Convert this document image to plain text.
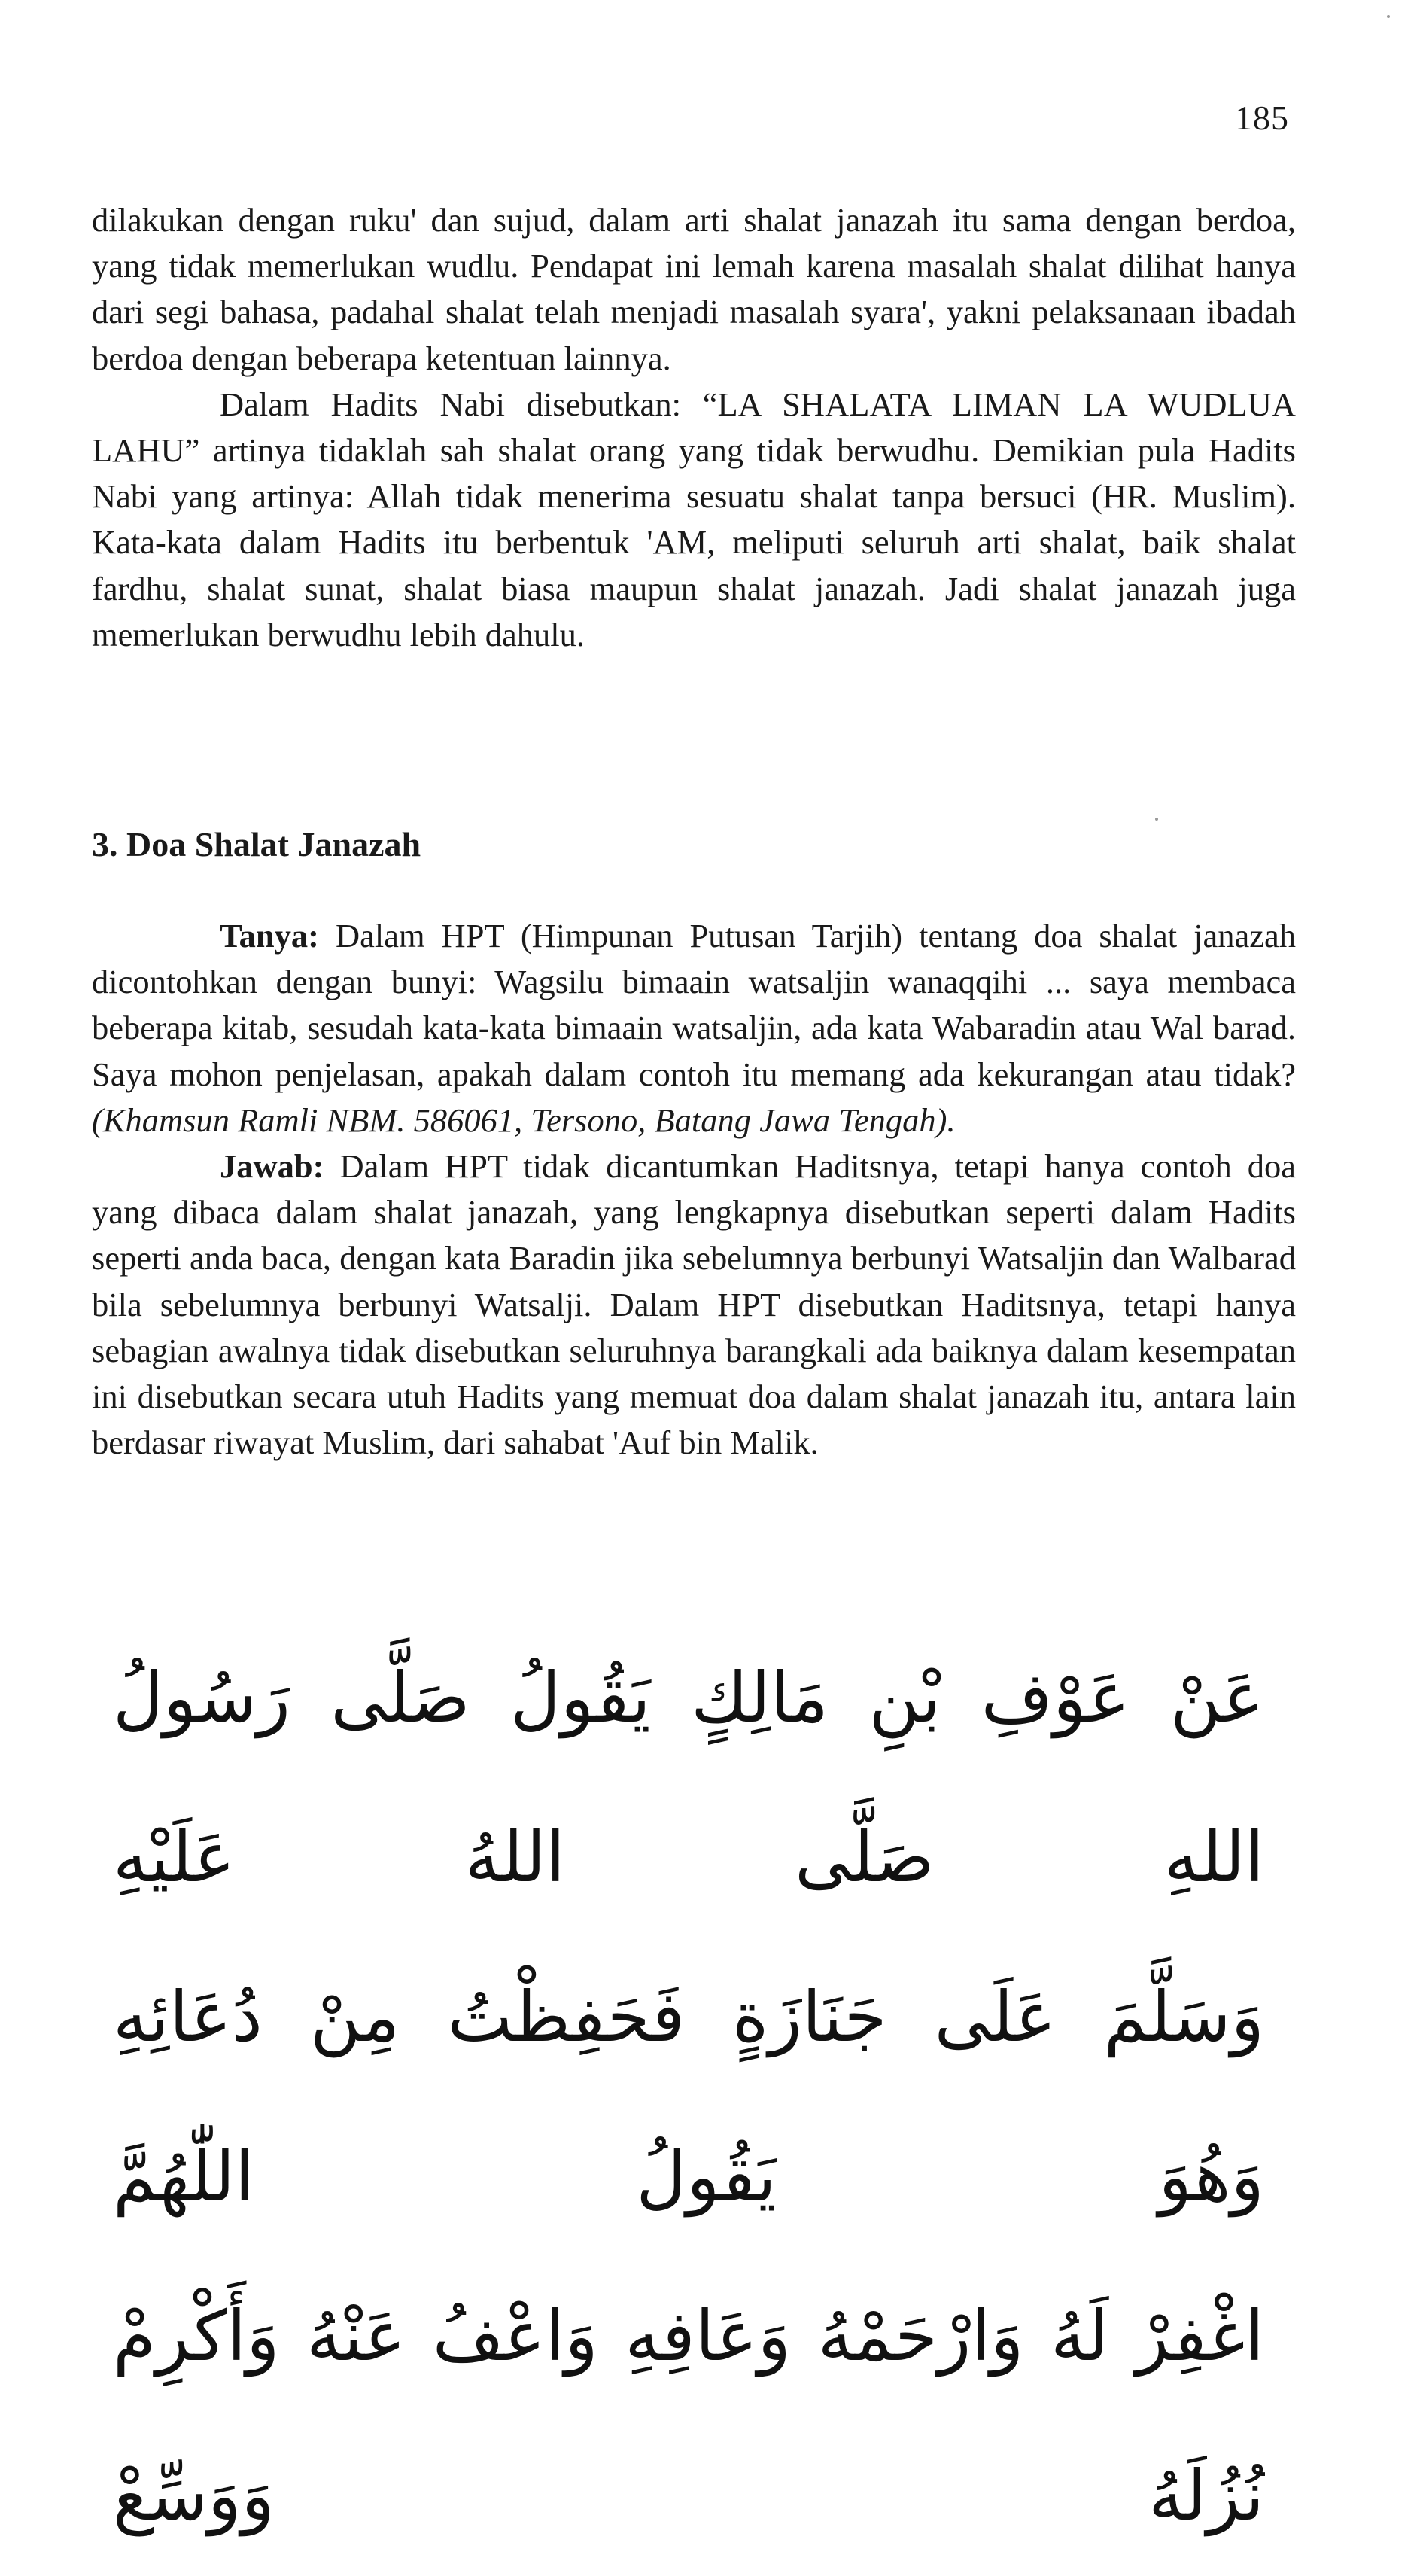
185

dilakukan dengan ruku' dan sujud, dalam arti shalat janazah itu sama dengan berdoa, yang tidak memerlukan wudlu. Pendapat ini lemah karena masalah shalat dilihat hanya dari segi bahasa, padahal shalat telah menjadi masalah syara', yakni pelaksanaan ibadah berdoa dengan beberapa ketentuan lainnya.

Dalam Hadits Nabi disebutkan: “LA SHALATA LIMAN LA WUDLUA LAHU” artinya tidaklah sah shalat orang yang tidak berwudhu. Demikian pula Hadits Nabi yang artinya: Allah tidak menerima sesuatu shalat tanpa bersuci (HR. Muslim). Kata-kata dalam Hadits itu berbentuk 'AM, meliputi seluruh arti shalat, baik shalat fardhu, shalat sunat, shalat biasa maupun shalat janazah. Jadi shalat janazah juga memerlukan berwudhu lebih dahulu.

3. Doa Shalat Janazah

Tanya: Dalam HPT (Himpunan Putusan Tarjih) tentang doa shalat janazah dicontohkan dengan bunyi: Wagsilu bimaain watsaljin wanaqqihi ... saya membaca beberapa kitab, sesudah kata-kata bimaain watsaljin, ada kata Wabaradin atau Wal barad. Saya mohon penjelasan, apakah dalam contoh itu memang ada kekurangan atau tidak? (Khamsun Ramli NBM. 586061, Tersono, Batang Jawa Tengah).

Jawab: Dalam HPT tidak dicantumkan Haditsnya, tetapi hanya contoh doa yang dibaca dalam shalat janazah, yang lengkapnya disebutkan seperti dalam Hadits seperti anda baca, dengan kata Baradin jika sebelumnya berbunyi Watsaljin dan Walbarad bila sebelumnya berbunyi Watsalji. Dalam HPT disebutkan Haditsnya, tetapi hanya sebagian awalnya tidak disebutkan seluruhnya barangkali ada baiknya dalam kesempatan ini disebutkan secara utuh Hadits yang memuat doa dalam shalat janazah itu, antara lain berdasar riwayat Muslim, dari sahabat 'Auf bin Malik.

عَنْ عَوْفِ بْنِ مَالِكٍ يَقُولُ صَلَّى رَسُولُ اللهِ صَلَّى اللهُ عَلَيْهِ

وَسَلَّمَ عَلَى جَنَازَةٍ فَحَفِظْتُ مِنْ دُعَائِهِ وَهُوَ يَقُولُ اللّٰهُمَّ

اغْفِرْ لَهُ وَارْحَمْهُ وَعَافِهِ وَاعْفُ عَنْهُ وَأَكْرِمْ نُزُلَهُ وَوَسِّعْ
